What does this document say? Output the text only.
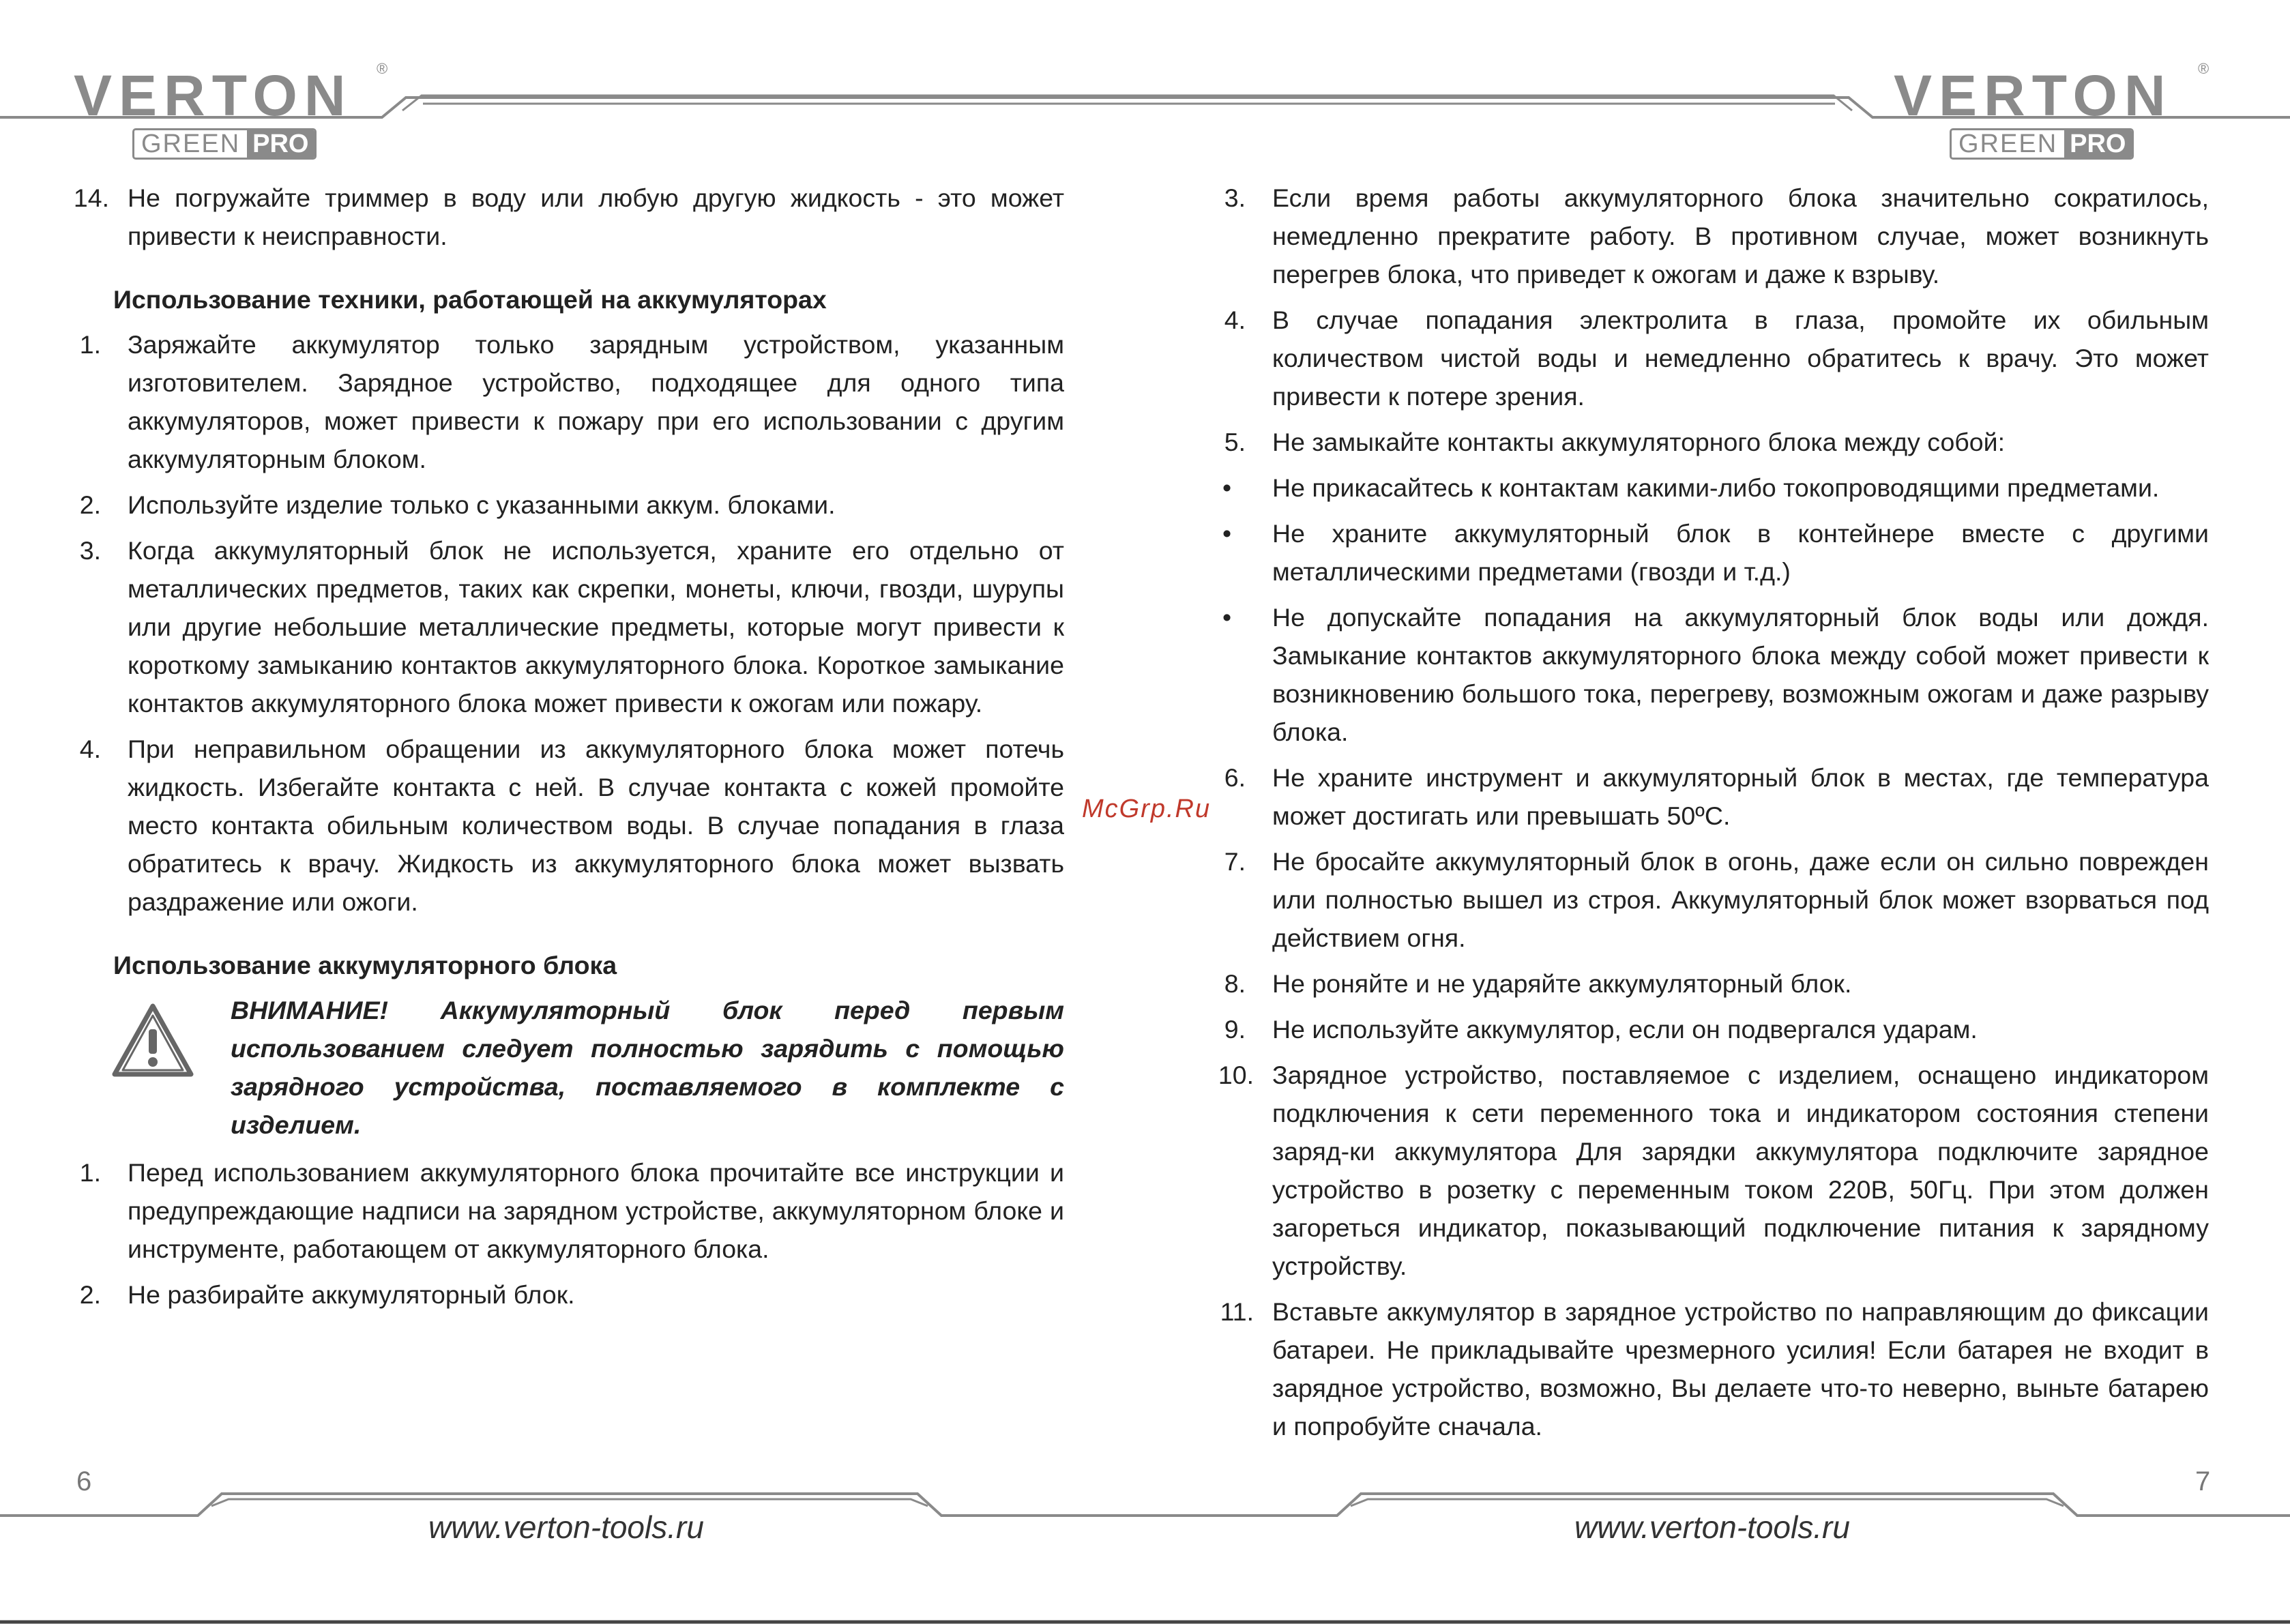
VERTON ®
GREEN PRO
VERTON ®
GREEN PRO
14. Не погружайте триммер в воду или любую другую жидкость - это может привести к неисправности.
Использование техники, работающей на аккумуляторах
1. Заряжайте аккумулятор только зарядным устройством, указанным изготовителем. Зарядное устройство, подходящее для одного типа аккумуляторов, может привести к пожару при его использовании с другим аккумуляторным блоком.
2. Используйте изделие только с указанными аккум. блоками.
3. Когда аккумуляторный блок не используется, храните его отдельно от металлических предметов, таких как скрепки, монеты, ключи, гвозди, шурупы или другие небольшие металлические предметы, которые могут привести к короткому замыканию контактов аккумуляторного блока. Короткое замыкание контактов аккумуляторного блока может привести к ожогам или пожару.
4. При неправильном обращении из аккумуляторного блока может потечь жидкость. Избегайте контакта с ней. В случае контакта с кожей промойте место контакта обильным количеством воды. В случае попадания в глаза обратитесь к врачу. Жидкость из аккумуляторного блока может вызвать раздражение или ожоги.
Использование аккумуляторного блока
ВНИМАНИЕ! Аккумуляторный блок перед первым использованием следует полностью зарядить с помощью зарядного устройства, поставляемого в комплекте с изделием.
1. Перед использованием аккумуляторного блока прочитайте все инструкции и предупреждающие надписи на зарядном устройстве, аккумуляторном блоке и инструменте, работающем от аккумуляторного блока.
2. Не разбирайте аккумуляторный блок.
3. Если время работы аккумуляторного блока значительно сократилось, немедленно прекратите работу. В противном случае, может возникнуть перегрев блока, что приведет к ожогам и даже к взрыву.
4. В случае попадания электролита в глаза, промойте их обильным количеством чистой воды и немедленно обратитесь к врачу. Это может привести к потере зрения.
5. Не замыкайте контакты аккумуляторного блока между собой:
•	Не прикасайтесь к контактам какими-либо токопроводящими предметами.
•	Не храните аккумуляторный блок в контейнере вместе с другими металлическими предметами (гвозди и т.д.)
•	Не допускайте попадания на аккумуляторный блок воды или дождя. Замыкание контактов аккумуляторного блока между собой может привести к возникновению большого тока, перегреву, возможным ожогам и даже разрыву блока.
6. Не храните инструмент и аккумуляторный блок в местах, где температура может достигать или превышать 50ºC.
7. Не бросайте аккумуляторный блок в огонь, даже если он сильно поврежден или полностью вышел из строя. Аккумуляторный блок может взорваться под действием огня.
8. Не роняйте и не ударяйте аккумуляторный блок.
9. Не используйте аккумулятор, если он подвергался ударам.
10. Зарядное устройство, поставляемое с изделием, оснащено индикатором подключения к сети переменного тока и индикатором состояния степени заряд‑ки аккумулятора Для зарядки аккумулятора подключите зарядное устройство в розетку с переменным током 220В, 50Гц. При этом должен загореться индикатор, показывающий подключение питания к зарядному устройству.
11. Вставьте аккумулятор в зарядное устройство по направляющим до фиксации батареи. Не прикладывайте чрезмерного усилия! Если батарея не входит в зарядное устройство, возможно, Вы делаете что-то неверно, выньте батарею и попробуйте сначала.
McGrp.Ru
6	7
www.verton-tools.ru	www.verton-tools.ru
